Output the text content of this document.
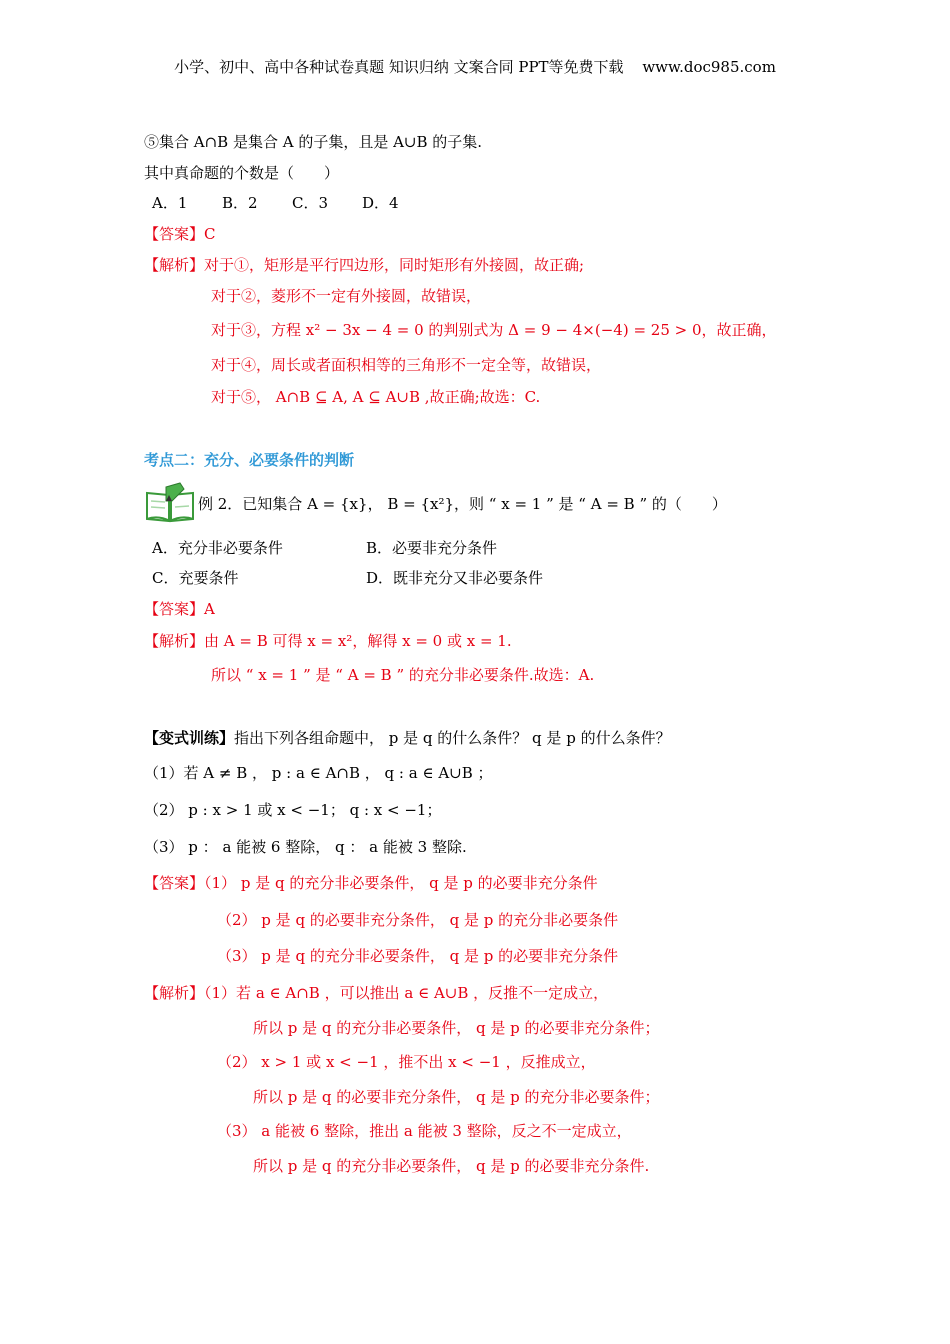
小学、初中、高中各种试卷真题 知识归纳 文案合同 PPT等免费下载 www.doc985.com
⑤集合 A∩B 是集合 A 的子集，且是 A∪B 的子集.
其中真命题的个数是（　　）
A．1 B．2 C．3 D．4
【答案】C
【解析】对于①，矩形是平行四边形，同时矩形有外接圆，故正确;
对于②，菱形不一定有外接圆，故错误，
对于③，方程 x² − 3x − 4 = 0 的判别式为 Δ = 9 − 4×(−4) = 25 > 0，故正确，
对于④，周长或者面积相等的三角形不一定全等，故错误，
对于⑤， A∩B ⊆ A, A ⊆ A∪B ,故正确;故选：C.
考点二：充分、必要条件的判断
例 2．已知集合 A = {x}， B = {x²}，则 “ x = 1 ” 是 “ A = B ” 的（　　）
A．充分非必要条件	B．必要非充分条件
C．充要条件	D．既非充分又非必要条件
【答案】A
【解析】由 A = B 可得 x = x²，解得 x = 0 或 x = 1.
所以 “ x = 1 ” 是 “ A = B ” 的充分非必要条件.故选：A.
【变式训练】指出下列各组命题中， p 是 q 的什么条件？ q 是 p 的什么条件？
（1）若 A ≠ B ， p : a ∈ A∩B ， q : a ∈ A∪B ；
（2） p : x > 1 或 x < −1； q : x < −1；
（3） p ： a 能被 6 整除， q ： a 能被 3 整除.
【答案】（1） p 是 q 的充分非必要条件， q 是 p 的必要非充分条件
（2） p 是 q 的必要非充分条件， q 是 p 的充分非必要条件
（3） p 是 q 的充分非必要条件， q 是 p 的必要非充分条件
【解析】（1）若 a ∈ A∩B ，可以推出 a ∈ A∪B ，反推不一定成立，
所以 p 是 q 的充分非必要条件， q 是 p 的必要非充分条件；
（2） x > 1 或 x < −1 ，推不出 x < −1 ，反推成立，
所以 p 是 q 的必要非充分条件， q 是 p 的充分非必要条件；
（3） a 能被 6 整除，推出 a 能被 3 整除，反之不一定成立，
所以 p 是 q 的充分非必要条件， q 是 p 的必要非充分条件.
